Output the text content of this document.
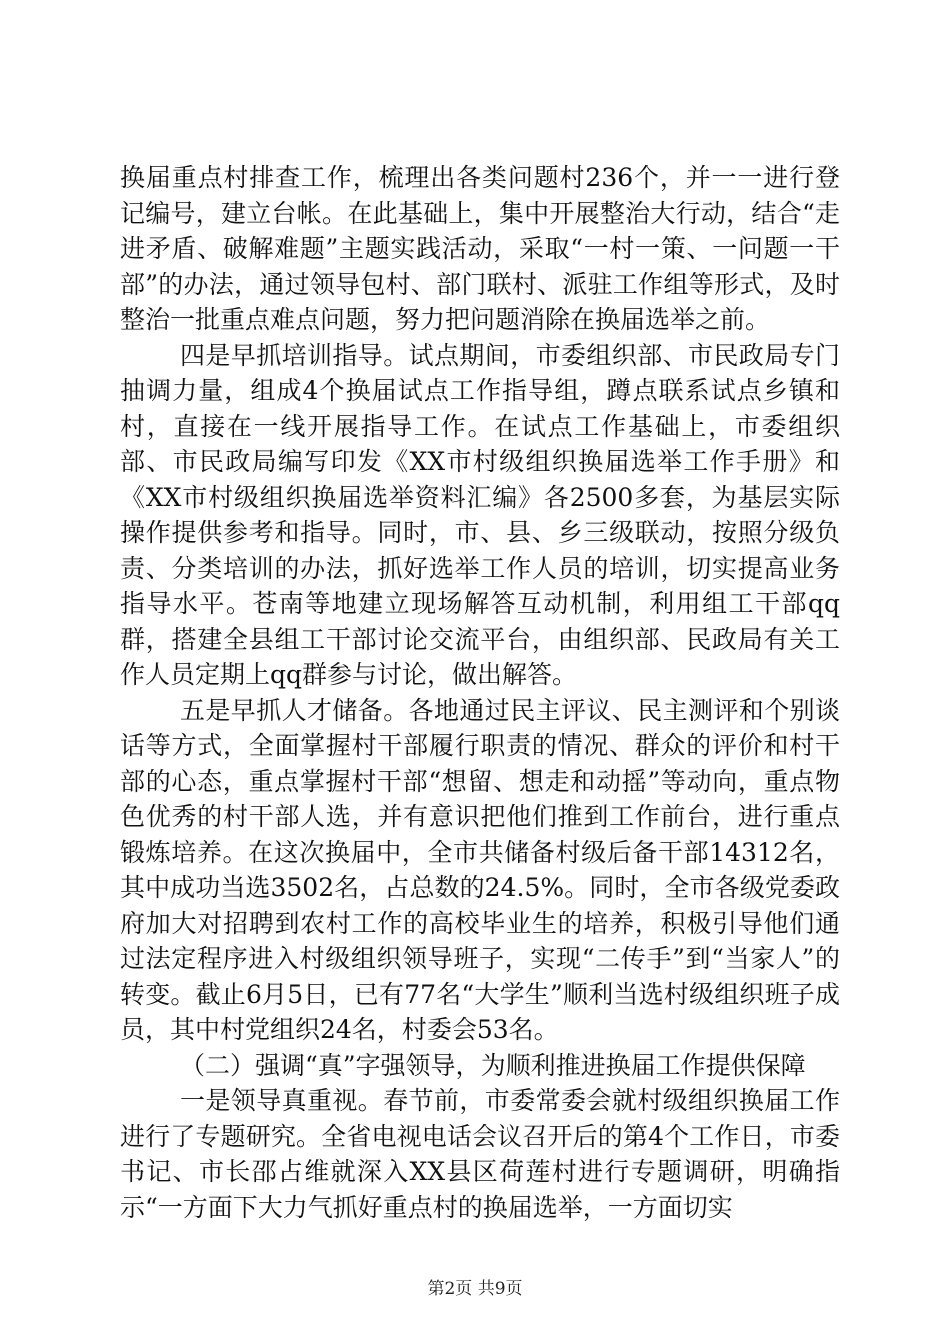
换届重点村排查工作，梳理出各类问题村236个，并一一进行登记编号，建立台帐。在此基础上，集中开展整治大行动，结合“走进矛盾、破解难题”主题实践活动，采取“一村一策、一问题一干部”的办法，通过领导包村、部门联村、派驻工作组等形式，及时整治一批重点难点问题，努力把问题消除在换届选举之前。

四是早抓培训指导。试点期间，市委组织部、市民政局专门抽调力量，组成4个换届试点工作指导组，蹲点联系试点乡镇和村，直接在一线开展指导工作。在试点工作基础上，市委组织部、市民政局编写印发《XX市村级组织换届选举工作手册》和《XX市村级组织换届选举资料汇编》各2500多套，为基层实际操作提供参考和指导。同时，市、县、乡三级联动，按照分级负责、分类培训的办法，抓好选举工作人员的培训，切实提高业务指导水平。苍南等地建立现场解答互动机制，利用组工干部qq群，搭建全县组工干部讨论交流平台，由组织部、民政局有关工作人员定期上qq群参与讨论，做出解答。

五是早抓人才储备。各地通过民主评议、民主测评和个别谈话等方式，全面掌握村干部履行职责的情况、群众的评价和村干部的心态，重点掌握村干部“想留、想走和动摇”等动向，重点物色优秀的村干部人选，并有意识把他们推到工作前台，进行重点锻炼培养。在这次换届中，全市共储备村级后备干部14312名，其中成功当选3502名，占总数的24.5%。同时，全市各级党委政府加大对招聘到农村工作的高校毕业生的培养，积极引导他们通过法定程序进入村级组织领导班子，实现“二传手”到“当家人”的转变。截止6月5日，已有77名“大学生”顺利当选村级组织班子成员，其中村党组织24名，村委会53名。

（二）强调“真”字强领导，为顺利推进换届工作提供保障

一是领导真重视。春节前，市委常委会就村级组织换届工作进行了专题研究。全省电视电话会议召开后的第4个工作日，市委书记、市长邵占维就深入XX县区荷莲村进行专题调研，明确指示“一方面下大力气抓好重点村的换届选举，一方面切实

第2页 共9页
